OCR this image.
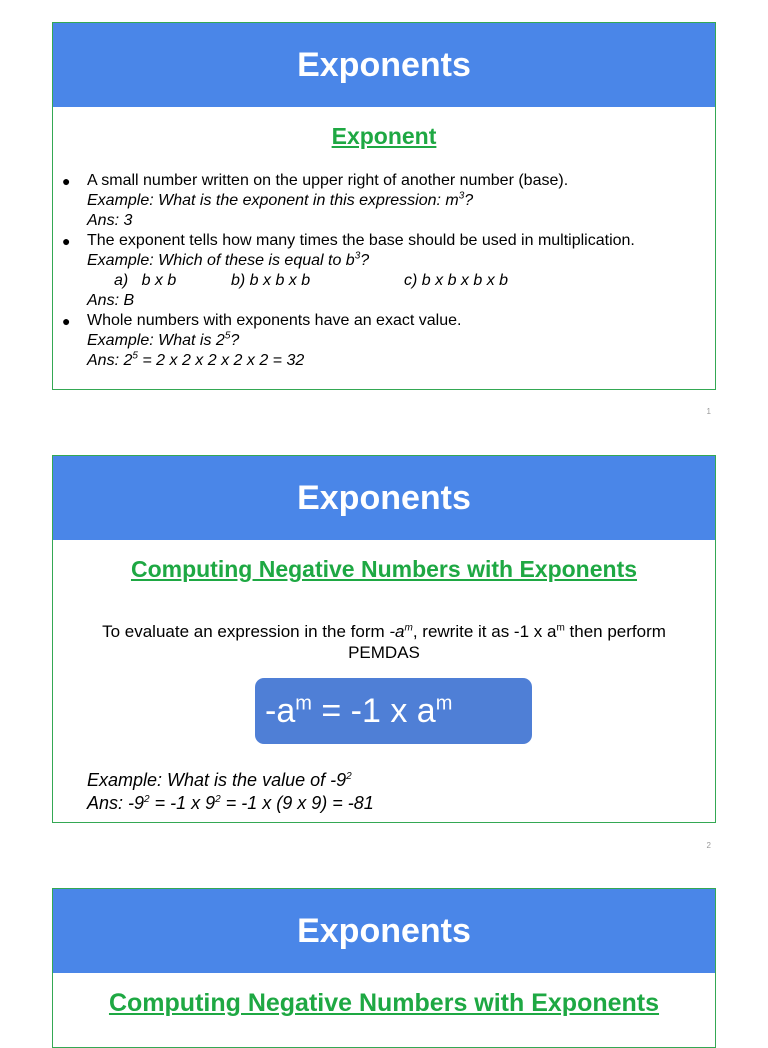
Exponents
Exponent
● A small number written on the upper right of another number (base).
Example: What is the exponent in this expression: $m^3$?
Ans: 3
● The exponent tells how many times the base should be used in multiplication.
Example: Which of these is equal to $b^3$?
a)   b x b	b) b x b x b	c) b x b x b x b
Ans: B
● Whole numbers with exponents have an exact value.
Example: What is $2^5$?
Ans: $2^5 = 2$ x 2 x 2 x 2 x 2 = 32
1
Exponents
Computing Negative Numbers with Exponents
To evaluate an expression in the form $-a^m$, rewrite it as -1 x $a^m$ then perform
PEMDAS
$-a^m = -1$ x $a^m$
Example: What is the value of $-9^2$
Ans: $-9^2 = -1$ x $9^2 = -1$ x (9 x 9) = -81
2
Exponents
Computing Negative Numbers with Exponents
